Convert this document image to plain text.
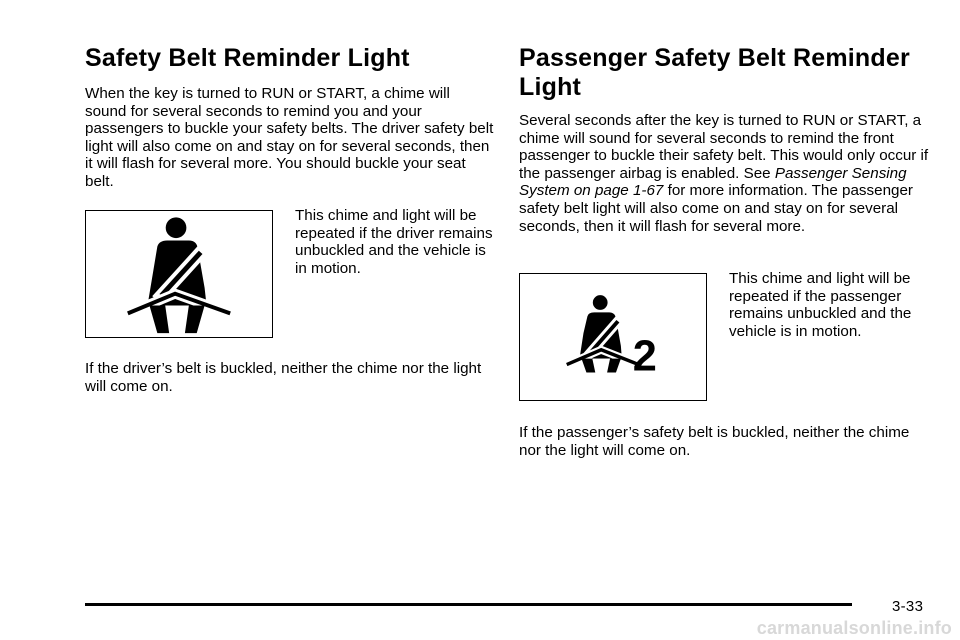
Safety Belt Reminder Light

When the key is turned to RUN or START, a chime will sound for several seconds to remind you and your passengers to buckle your safety belts. The driver safety belt light will also come on and stay on for several seconds, then it will flash for several more. You should buckle your seat belt.

This chime and light will be repeated if the driver remains unbuckled and the vehicle is in motion.

If the driver’s belt is buckled, neither the chime nor the light will come on.

Passenger Safety Belt Reminder Light

Several seconds after the key is turned to RUN or START, a chime will sound for several seconds to remind the front passenger to buckle their safety belt. This would only occur if the passenger airbag is enabled. See Passenger Sensing System on page 1-67 for more information. The passenger safety belt light will also come on and stay on for several seconds, then it will flash for several more.

2

This chime and light will be repeated if the passenger remains unbuckled and the vehicle is in motion.

If the passenger’s safety belt is buckled, neither the chime nor the light will come on.

3-33
carmanualsonline.info
